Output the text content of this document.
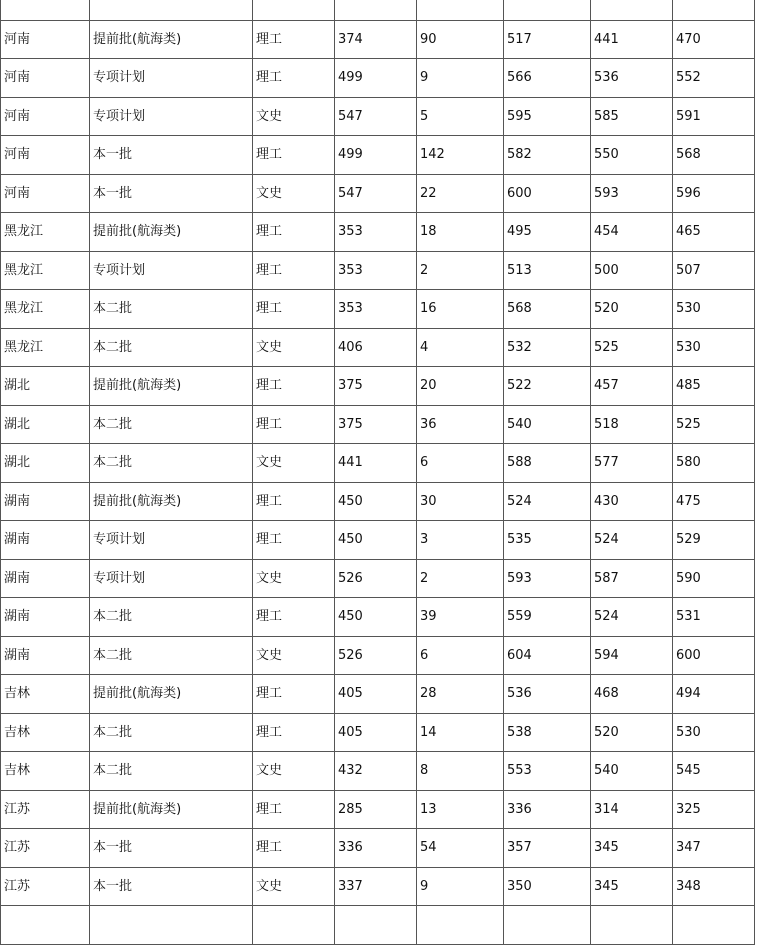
河南	提前批(航海类)	理工	374	90	517	441	470
河南	专项计划	理工	499	9	566	536	552
河南	专项计划	文史	547	5	595	585	591
河南	本一批	理工	499	142	582	550	568
河南	本一批	文史	547	22	600	593	596
黑龙江	提前批(航海类)	理工	353	18	495	454	465
黑龙江	专项计划	理工	353	2	513	500	507
黑龙江	本二批	理工	353	16	568	520	530
黑龙江	本二批	文史	406	4	532	525	530
湖北	提前批(航海类)	理工	375	20	522	457	485
湖北	本二批	理工	375	36	540	518	525
湖北	本二批	文史	441	6	588	577	580
湖南	提前批(航海类)	理工	450	30	524	430	475
湖南	专项计划	理工	450	3	535	524	529
湖南	专项计划	文史	526	2	593	587	590
湖南	本二批	理工	450	39	559	524	531
湖南	本二批	文史	526	6	604	594	600
吉林	提前批(航海类)	理工	405	28	536	468	494
吉林	本二批	理工	405	14	538	520	530
吉林	本二批	文史	432	8	553	540	545
江苏	提前批(航海类)	理工	285	13	336	314	325
江苏	本一批	理工	336	54	357	345	347
江苏	本一批	文史	337	9	350	345	348
